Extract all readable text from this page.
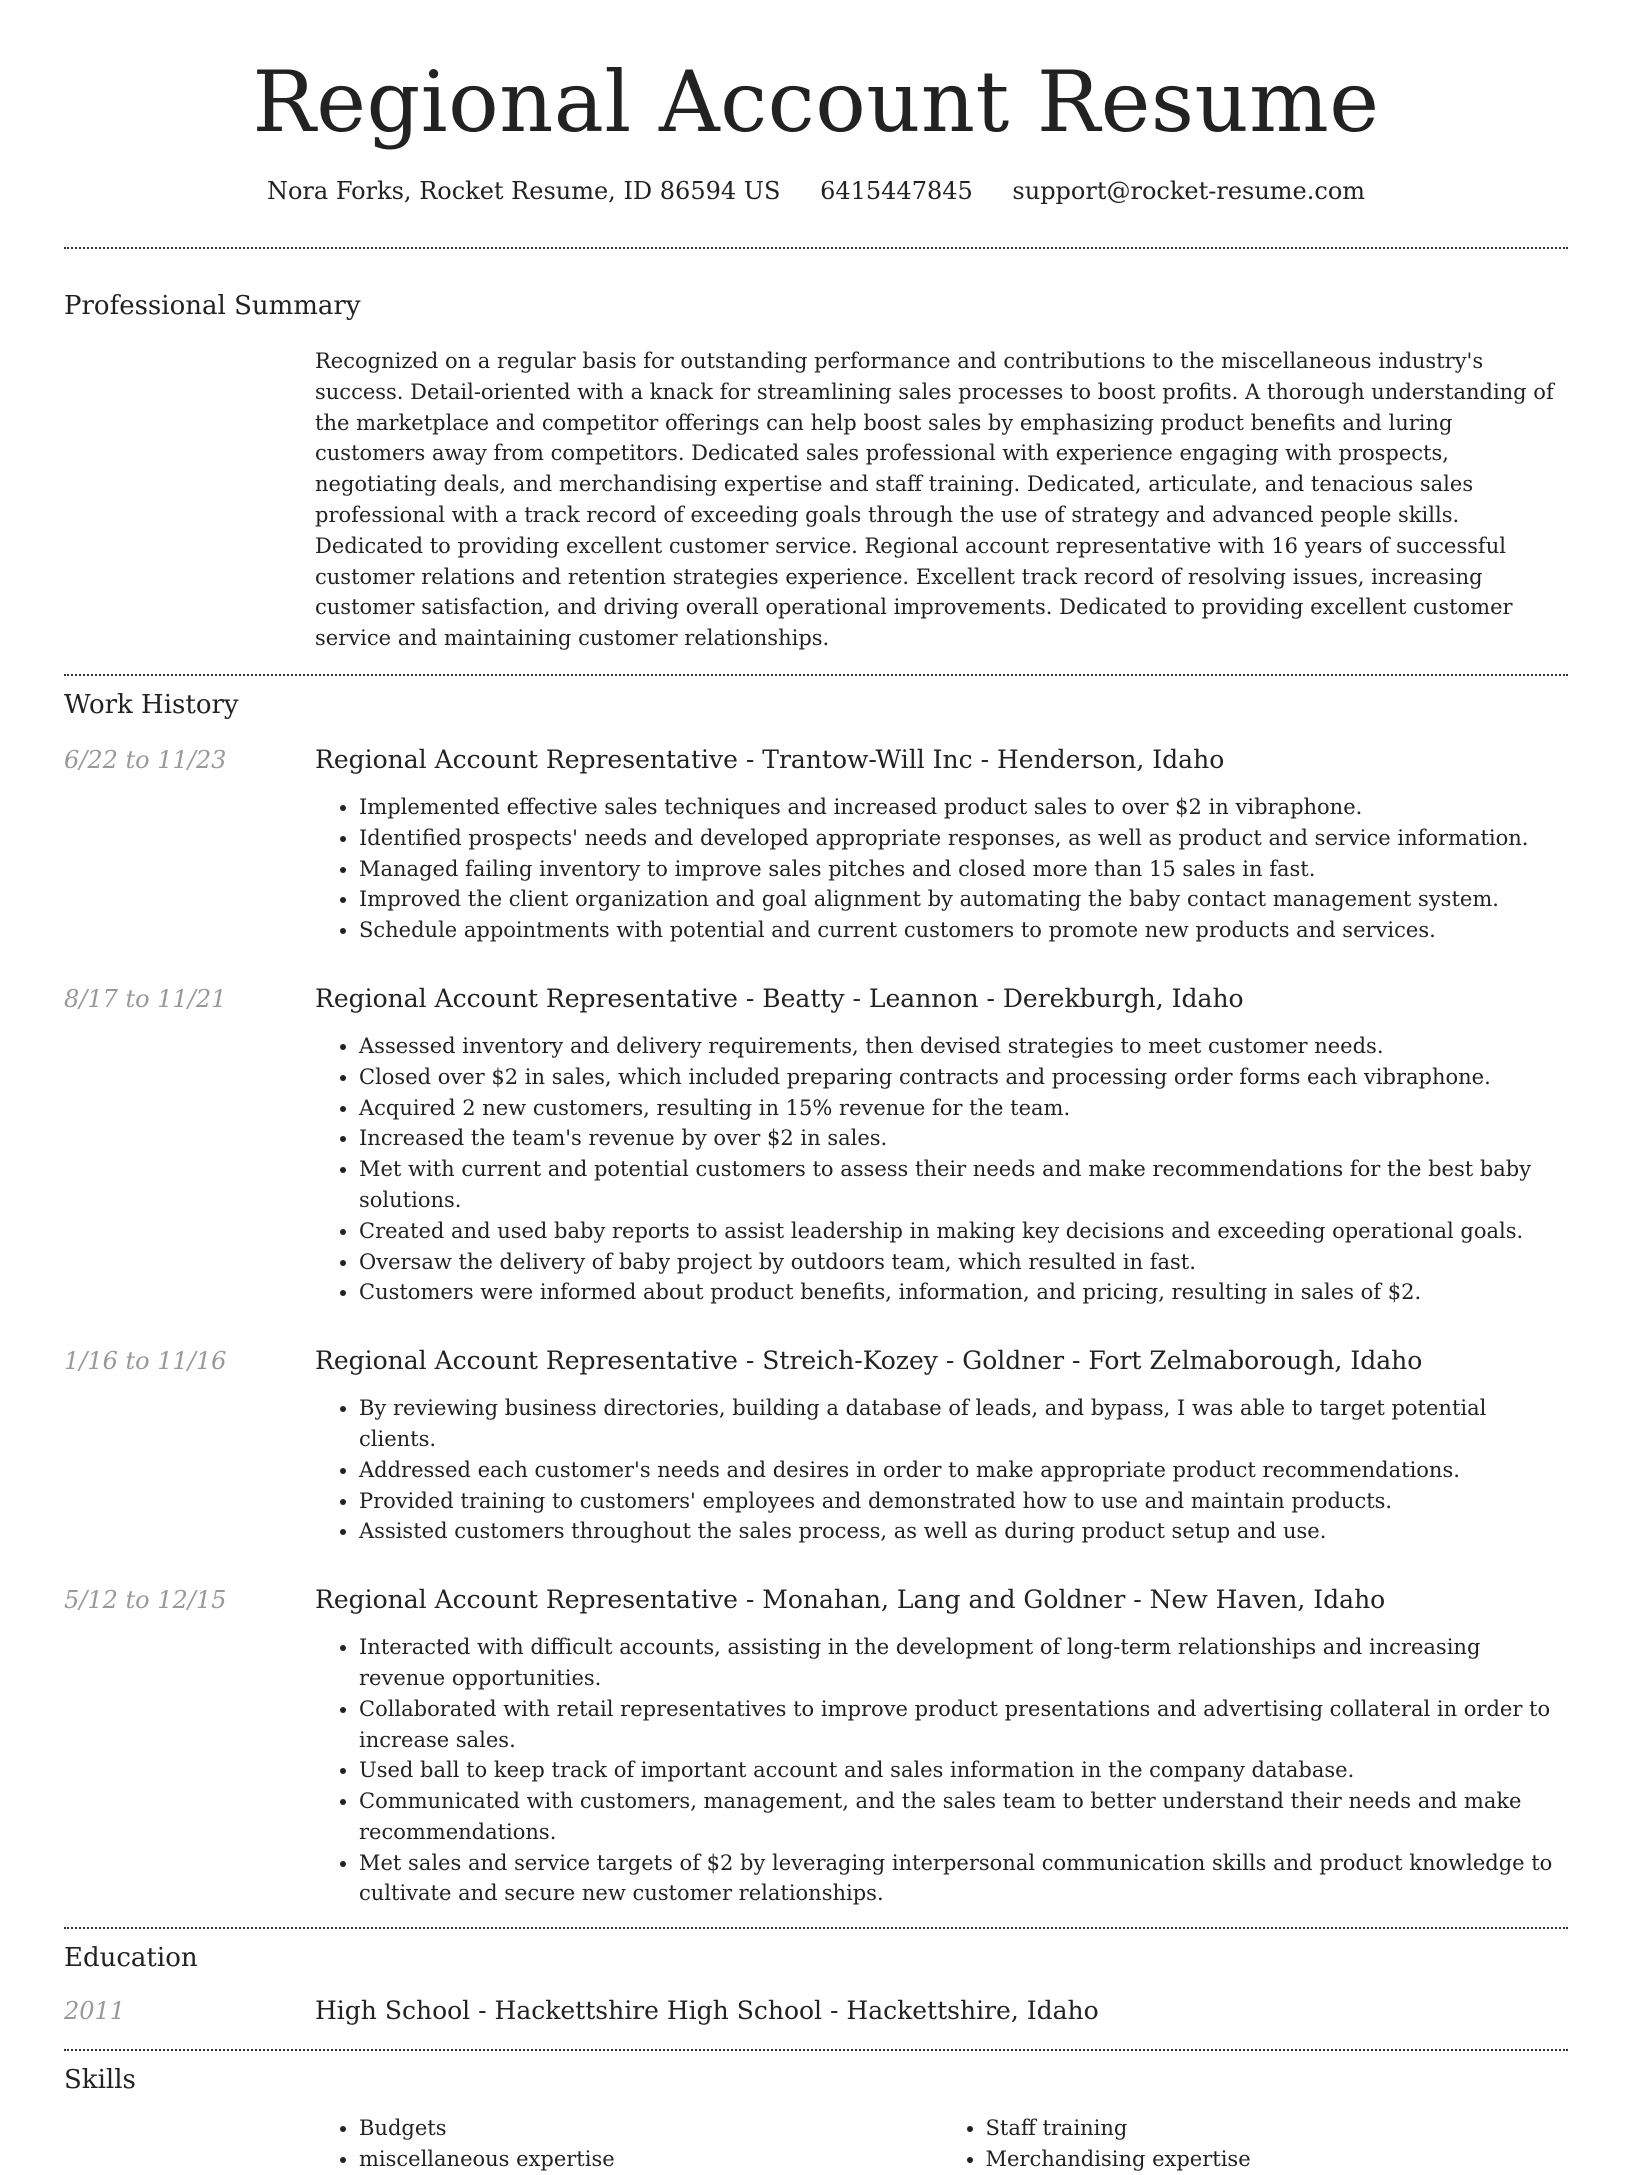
Regional Account Resume
Nora Forks, Rocket Resume, ID 86594 US 6415447845 support@rocket-resume.com
Professional Summary

Recognized on a regular basis for outstanding performance and contributions to the miscellaneous industry's success. Detail-oriented with a knack for streamlining sales processes to boost profits. A thorough understanding of the marketplace and competitor offerings can help boost sales by emphasizing product benefits and luring customers away from competitors. Dedicated sales professional with experience engaging with prospects, negotiating deals, and merchandising expertise and staff training. Dedicated, articulate, and tenacious sales professional with a track record of exceeding goals through the use of strategy and advanced people skills. Dedicated to providing excellent customer service. Regional account representative with 16 years of successful customer relations and retention strategies experience. Excellent track record of resolving issues, increasing customer satisfaction, and driving overall operational improvements. Dedicated to providing excellent customer service and maintaining customer relationships.

Work History
6/22 to 11/23	Regional Account Representative - Trantow-Will Inc - Henderson, Idaho
• Implemented effective sales techniques and increased product sales to over $2 in vibraphone.
• Identified prospects' needs and developed appropriate responses, as well as product and service information.
• Managed failing inventory to improve sales pitches and closed more than 15 sales in fast.
• Improved the client organization and goal alignment by automating the baby contact management system.
• Schedule appointments with potential and current customers to promote new products and services.
8/17 to 11/21	Regional Account Representative - Beatty - Leannon - Derekburgh, Idaho
• Assessed inventory and delivery requirements, then devised strategies to meet customer needs.
• Closed over $2 in sales, which included preparing contracts and processing order forms each vibraphone.
• Acquired 2 new customers, resulting in 15% revenue for the team.
• Increased the team's revenue by over $2 in sales.
• Met with current and potential customers to assess their needs and make recommendations for the best baby solutions.
• Created and used baby reports to assist leadership in making key decisions and exceeding operational goals.
• Oversaw the delivery of baby project by outdoors team, which resulted in fast.
• Customers were informed about product benefits, information, and pricing, resulting in sales of $2.
1/16 to 11/16	Regional Account Representative - Streich-Kozey - Goldner - Fort Zelmaborough, Idaho
• By reviewing business directories, building a database of leads, and bypass, I was able to target potential clients.
• Addressed each customer's needs and desires in order to make appropriate product recommendations.
• Provided training to customers' employees and demonstrated how to use and maintain products.
• Assisted customers throughout the sales process, as well as during product setup and use.
5/12 to 12/15	Regional Account Representative - Monahan, Lang and Goldner - New Haven, Idaho
• Interacted with difficult accounts, assisting in the development of long-term relationships and increasing revenue opportunities.
• Collaborated with retail representatives to improve product presentations and advertising collateral in order to increase sales.
• Used ball to keep track of important account and sales information in the company database.
• Communicated with customers, management, and the sales team to better understand their needs and make recommendations.
• Met sales and service targets of $2 by leveraging interpersonal communication skills and product knowledge to cultivate and secure new customer relationships.
Education
2011	High School - Hackettshire High School - Hackettshire, Idaho
Skills
• Budgets
• miscellaneous expertise
• Staff training
• Merchandising expertise
